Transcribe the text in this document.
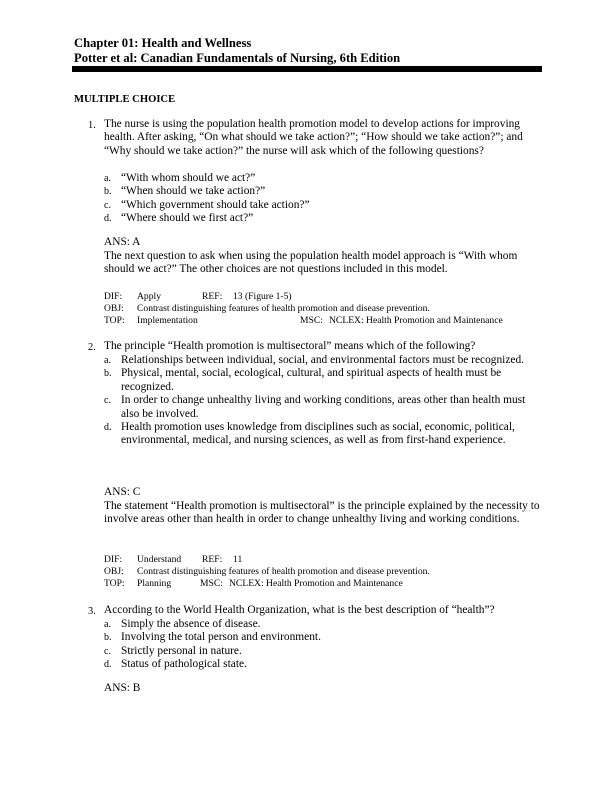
Chapter 01: Health and Wellness
Potter et al: Canadian Fundamentals of Nursing, 6th Edition
MULTIPLE CHOICE
1. The nurse is using the population health promotion model to develop actions for improving health. After asking, “On what should we take action?”; “How should we take action?”; and “Why should we take action?” the nurse will ask which of the following questions?
a. “With whom should we act?”
b. “When should we take action?”
c. “Which government should take action?”
d. “Where should we first act?”
ANS: A
The next question to ask when using the population health model approach is “With whom should we act?” The other choices are not questions included in this model.
DIF: Apply	REF: 13 (Figure 1-5)
OBJ: Contrast distinguishing features of health promotion and disease prevention.
TOP: Implementation	MSC: NCLEX: Health Promotion and Maintenance
2. The principle “Health promotion is multisectoral” means which of the following?
a. Relationships between individual, social, and environmental factors must be recognized.
b. Physical, mental, social, ecological, cultural, and spiritual aspects of health must be recognized.
c. In order to change unhealthy living and working conditions, areas other than health must also be involved.
d. Health promotion uses knowledge from disciplines such as social, economic, political, environmental, medical, and nursing sciences, as well as from first-hand experience.
ANS: C
The statement “Health promotion is multisectoral” is the principle explained by the necessity to involve areas other than health in order to change unhealthy living and working conditions.
DIF: Understand REF: 11
OBJ: Contrast distinguishing features of health promotion and disease prevention.
TOP: Planning	MSC: NCLEX: Health Promotion and Maintenance
3. According to the World Health Organization, what is the best description of “health”?
a. Simply the absence of disease.
b. Involving the total person and environment.
c. Strictly personal in nature.
d. Status of pathological state.
ANS: B
